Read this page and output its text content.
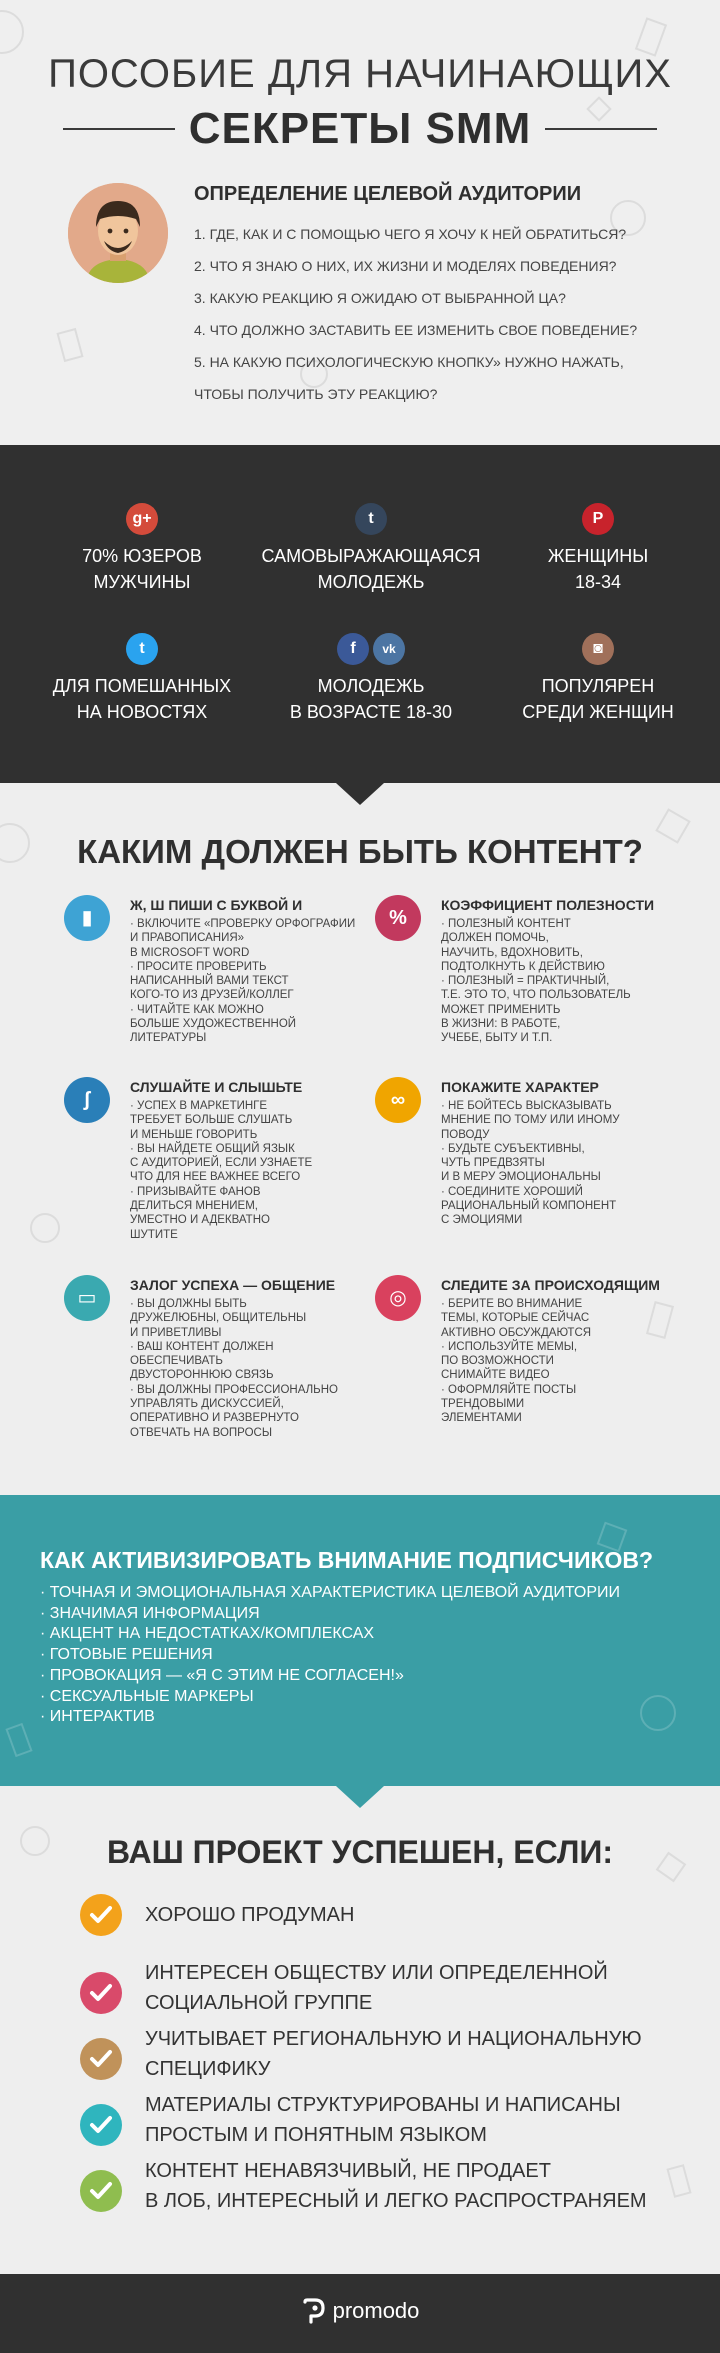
ПОСОБИЕ ДЛЯ НАЧИНАЮЩИХ
СЕКРЕТЫ SMM
ОПРЕДЕЛЕНИЕ ЦЕЛЕВОЙ АУДИТОРИИ
1. ГДЕ, КАК И С ПОМОЩЬЮ ЧЕГО Я ХОЧУ К НЕЙ ОБРАТИТЬСЯ?
2. ЧТО Я ЗНАЮ О НИХ, ИХ ЖИЗНИ И МОДЕЛЯХ ПОВЕДЕНИЯ?
3. КАКУЮ РЕАКЦИЮ Я ОЖИДАЮ ОТ ВЫБРАННОЙ ЦА?
4. ЧТО ДОЛЖНО ЗАСТАВИТЬ ЕЕ ИЗМЕНИТЬ СВОЕ ПОВЕДЕНИЕ?
5. НА КАКУЮ ПСИХОЛОГИЧЕСКУЮ КНОПКУ» НУЖНО НАЖАТЬ,
ЧТОБЫ ПОЛУЧИТЬ ЭТУ РЕАКЦИЮ?
g+
70% ЮЗЕРОВ
МУЖЧИНЫ
t
САМОВЫРАЖАЮЩАЯСЯ
МОЛОДЕЖЬ
P
ЖЕНЩИНЫ
18-34
t
ДЛЯ ПОМЕШАННЫХ
НА НОВОСТЯХ
f vk
МОЛОДЕЖЬ
В ВОЗРАСТЕ 18-30
◙
ПОПУЛЯРЕН
СРЕДИ ЖЕНЩИН
КАКИМ ДОЛЖЕН БЫТЬ КОНТЕНТ?
▮
Ж, Ш ПИШИ С БУКВОЙ И
· ВКЛЮЧИТЕ «ПРОВЕРКУ ОРФОГРАФИИ
И ПРАВОПИСАНИЯ»
В MICROSOFT WORD
· ПРОСИТЕ ПРОВЕРИТЬ
НАПИСАННЫЙ ВАМИ ТЕКСТ
КОГО-ТО ИЗ ДРУЗЕЙ/КОЛЛЕГ
· ЧИТАЙТЕ КАК МОЖНО
БОЛЬШЕ ХУДОЖЕСТВЕННОЙ
ЛИТЕРАТУРЫ
%
КОЭФФИЦИЕНТ ПОЛЕЗНОСТИ
· ПОЛЕЗНЫЙ КОНТЕНТ
ДОЛЖЕН ПОМОЧЬ,
НАУЧИТЬ, ВДОХНОВИТЬ,
ПОДТОЛКНУТЬ К ДЕЙСТВИЮ
· ПОЛЕЗНЫЙ = ПРАКТИЧНЫЙ,
Т.Е. ЭТО ТО, ЧТО ПОЛЬЗОВАТЕЛЬ
МОЖЕТ ПРИМЕНИТЬ
В ЖИЗНИ: В РАБОТЕ,
УЧЕБЕ, БЫТУ И Т.П.
ʃ
СЛУШАЙТЕ И СЛЫШЬТЕ
· УСПЕХ В МАРКЕТИНГЕ
ТРЕБУЕТ БОЛЬШЕ СЛУШАТЬ
И МЕНЬШЕ ГОВОРИТЬ
· ВЫ НАЙДЕТЕ ОБЩИЙ ЯЗЫК
С АУДИТОРИЕЙ, ЕСЛИ УЗНАЕТЕ
ЧТО ДЛЯ НЕЕ ВАЖНЕЕ ВСЕГО
· ПРИЗЫВАЙТЕ ФАНОВ
ДЕЛИТЬСЯ МНЕНИЕМ,
УМЕСТНО И АДЕКВАТНО
ШУТИТЕ
∞
ПОКАЖИТЕ ХАРАКТЕР
· НЕ БОЙТЕСЬ ВЫСКАЗЫВАТЬ
МНЕНИЕ ПО ТОМУ ИЛИ ИНОМУ
ПОВОДУ
· БУДЬТЕ СУБЪЕКТИВНЫ,
ЧУТЬ ПРЕДВЗЯТЫ
И В МЕРУ ЭМОЦИОНАЛЬНЫ
· СОЕДИНИТЕ ХОРОШИЙ
РАЦИОНАЛЬНЫЙ КОМПОНЕНТ
С ЭМОЦИЯМИ
▭
ЗАЛОГ УСПЕХА — ОБЩЕНИЕ
· ВЫ ДОЛЖНЫ БЫТЬ
ДРУЖЕЛЮБНЫ, ОБЩИТЕЛЬНЫ
И ПРИВЕТЛИВЫ
· ВАШ КОНТЕНТ ДОЛЖЕН
ОБЕСПЕЧИВАТЬ
ДВУСТОРОННЮЮ СВЯЗЬ
· ВЫ ДОЛЖНЫ ПРОФЕССИОНАЛЬНО
УПРАВЛЯТЬ ДИСКУССИЕЙ,
ОПЕРАТИВНО И РАЗВЕРНУТО
ОТВЕЧАТЬ НА ВОПРОСЫ
◎
СЛЕДИТЕ ЗА ПРОИСХОДЯЩИМ
· БЕРИТЕ ВО ВНИМАНИЕ
ТЕМЫ, КОТОРЫЕ СЕЙЧАС
АКТИВНО ОБСУЖДАЮТСЯ
· ИСПОЛЬЗУЙТЕ МЕМЫ,
ПО ВОЗМОЖНОСТИ
СНИМАЙТЕ ВИДЕО
· ОФОРМЛЯЙТЕ ПОСТЫ
ТРЕНДОВЫМИ
ЭЛЕМЕНТАМИ
КАК АКТИВИЗИРОВАТЬ ВНИМАНИЕ ПОДПИСЧИКОВ?
· ТОЧНАЯ И ЭМОЦИОНАЛЬНАЯ ХАРАКТЕРИСТИКА ЦЕЛЕВОЙ АУДИТОРИИ
· ЗНАЧИМАЯ ИНФОРМАЦИЯ
· АКЦЕНТ НА НЕДОСТАТКАХ/КОМПЛЕКСАХ
· ГОТОВЫЕ РЕШЕНИЯ
· ПРОВОКАЦИЯ — «Я С ЭТИМ НЕ СОГЛАСЕН!»
· СЕКСУАЛЬНЫЕ МАРКЕРЫ
· ИНТЕРАКТИВ
ВАШ ПРОЕКТ УСПЕШЕН, ЕСЛИ:
ХОРОШО ПРОДУМАН
ИНТЕРЕСЕН ОБЩЕСТВУ ИЛИ ОПРЕДЕЛЕННОЙ
СОЦИАЛЬНОЙ ГРУППЕ
УЧИТЫВАЕТ РЕГИОНАЛЬНУЮ И НАЦИОНАЛЬНУЮ
СПЕЦИФИКУ
МАТЕРИАЛЫ СТРУКТУРИРОВАНЫ И НАПИСАНЫ
ПРОСТЫМ И ПОНЯТНЫМ ЯЗЫКОМ
КОНТЕНТ НЕНАВЯЗЧИВЫЙ, НЕ ПРОДАЕТ
В ЛОБ, ИНТЕРЕСНЫЙ И ЛЕГКО РАСПРОСТРАНЯЕМ
promodo
